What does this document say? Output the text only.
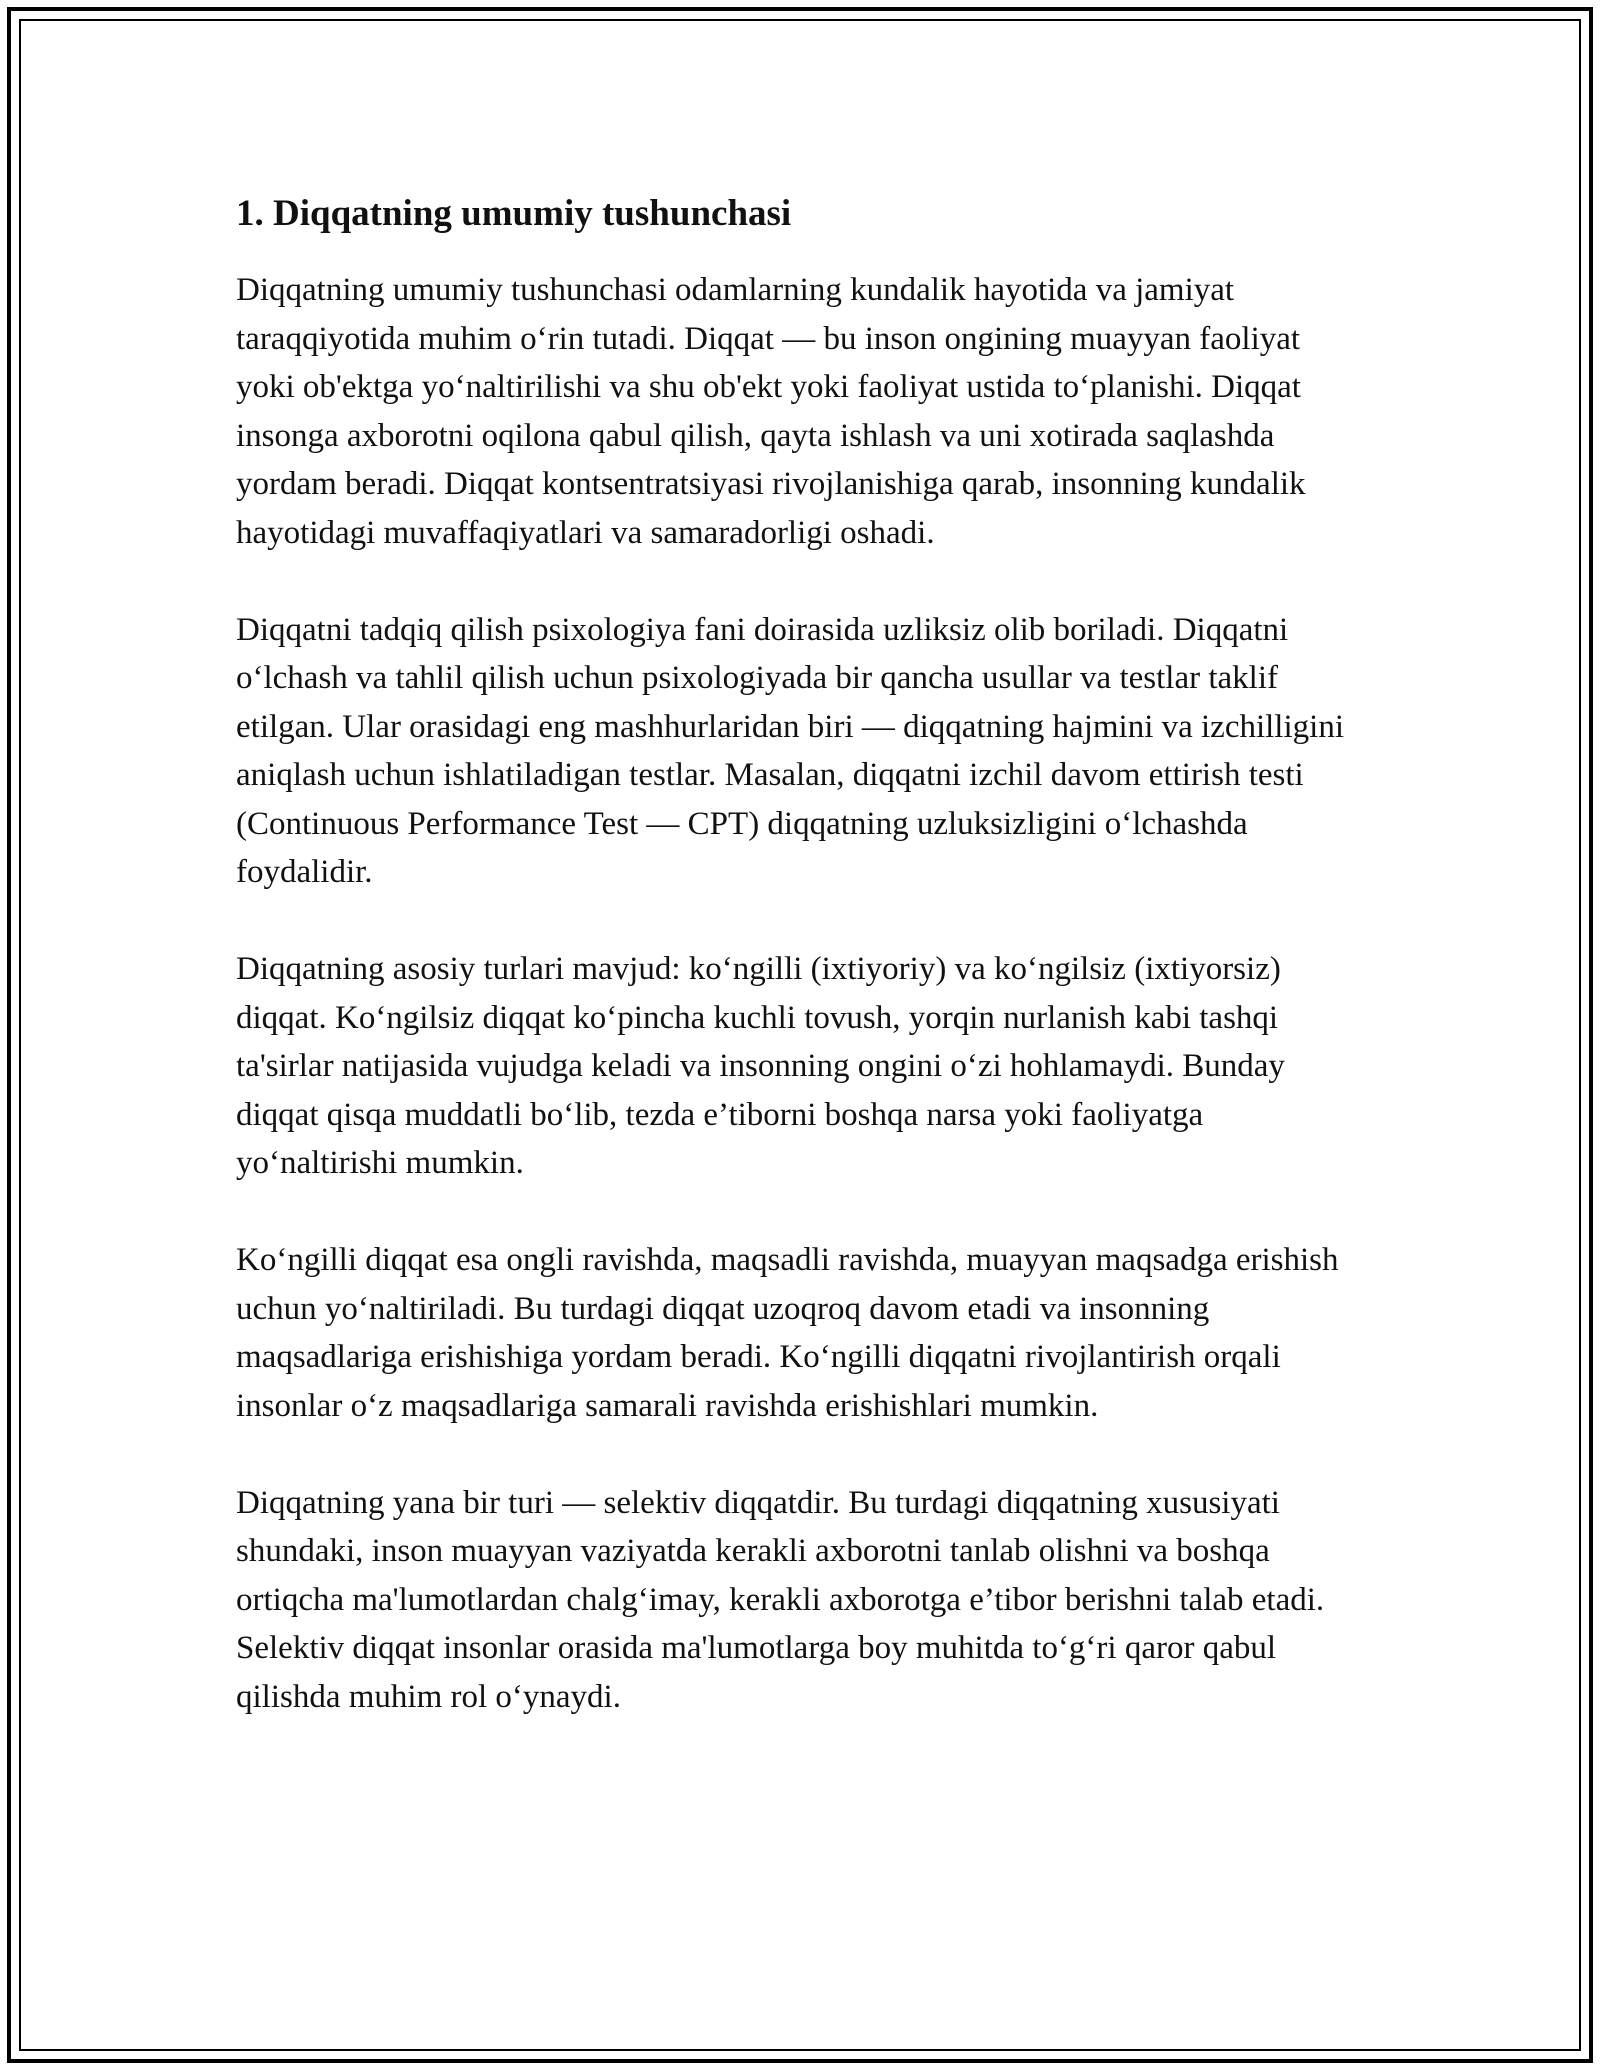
1. Diqqatning umumiy tushunchasi

Diqqatning umumiy tushunchasi odamlarning kundalik hayotida va jamiyat taraqqiyotida muhim o‘rin tutadi. Diqqat — bu inson ongining muayyan faoliyat yoki ob'ektga yo‘naltirilishi va shu ob'ekt yoki faoliyat ustida to‘planishi. Diqqat insonga axborotni oqilona qabul qilish, qayta ishlash va uni xotirada saqlashda yordam beradi. Diqqat kontsentratsiyasi rivojlanishiga qarab, insonning kundalik hayotidagi muvaffaqiyatlari va samaradorligi oshadi.

Diqqatni tadqiq qilish psixologiya fani doirasida uzliksiz olib boriladi. Diqqatni o‘lchash va tahlil qilish uchun psixologiyada bir qancha usullar va testlar taklif etilgan. Ular orasidagi eng mashhurlaridan biri — diqqatning hajmini va izchilligini aniqlash uchun ishlatiladigan testlar. Masalan, diqqatni izchil davom ettirish testi (Continuous Performance Test — CPT) diqqatning uzluksizligini o‘lchashda foydalidir.

Diqqatning asosiy turlari mavjud: ko‘ngilli (ixtiyoriy) va ko‘ngilsiz (ixtiyorsiz) diqqat. Ko‘ngilsiz diqqat ko‘pincha kuchli tovush, yorqin nurlanish kabi tashqi ta'sirlar natijasida vujudga keladi va insonning ongini o‘zi hohlamaydi. Bunday diqqat qisqa muddatli bo‘lib, tezda e’tiborni boshqa narsa yoki faoliyatga yo‘naltirishi mumkin.

Ko‘ngilli diqqat esa ongli ravishda, maqsadli ravishda, muayyan maqsadga erishish uchun yo‘naltiriladi. Bu turdagi diqqat uzoqroq davom etadi va insonning maqsadlariga erishishiga yordam beradi. Ko‘ngilli diqqatni rivojlantirish orqali insonlar o‘z maqsadlariga samarali ravishda erishishlari mumkin.

Diqqatning yana bir turi — selektiv diqqatdir. Bu turdagi diqqatning xususiyati shundaki, inson muayyan vaziyatda kerakli axborotni tanlab olishni va boshqa ortiqcha ma'lumotlardan chalg‘imay, kerakli axborotga e’tibor berishni talab etadi. Selektiv diqqat insonlar orasida ma'lumotlarga boy muhitda to‘g‘ri qaror qabul qilishda muhim rol o‘ynaydi.
